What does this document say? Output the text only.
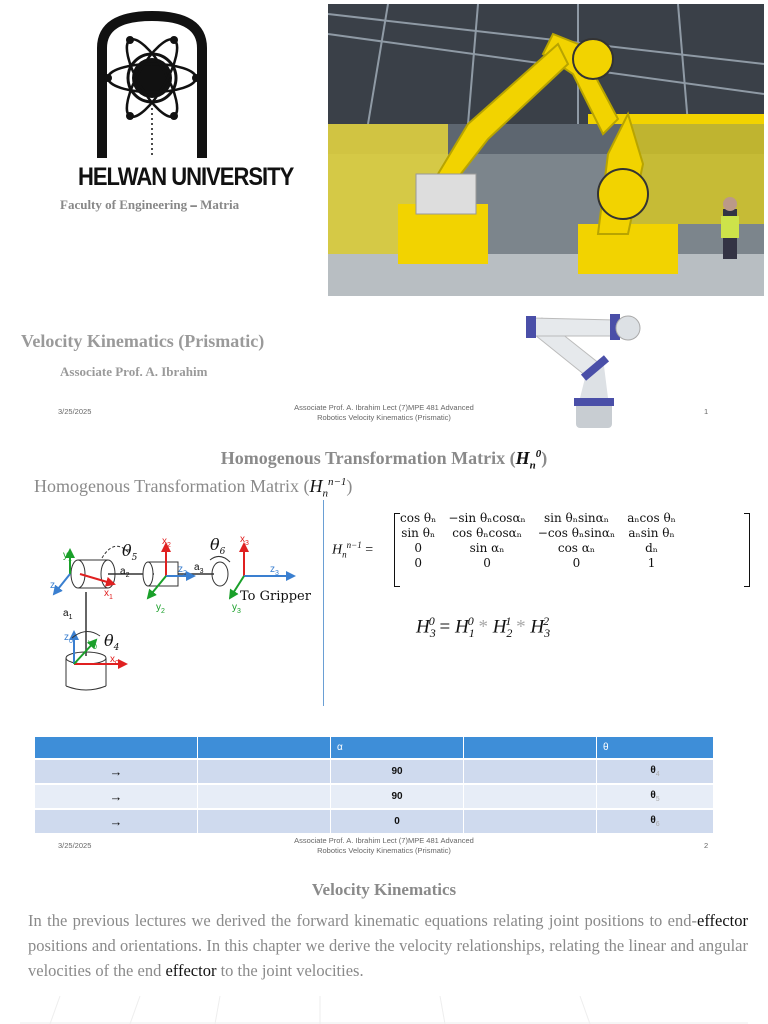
HELWAN UNIVERSITY
Faculty of Engineering – Matria
Velocity Kinematics (Prismatic)
Associate Prof. A. Ibrahim
3/25/2025	Associate Prof. A. Ibrahim Lect (7)MPE 481 Advanced
Robotics Velocity Kinematics (Prismatic)
1
Homogenous Transformation Matrix $(H_n^0)$
Homogenous Transformation Matrix $(H_n^{n-1})$
$y_1$
$z_1$	$x_1$
$a_2$
$\theta_5$
$x_2$
$z_2$
$y_2$
$a_3$
$\theta_6$
$x_3$
$z_3$
$y_3$
To Gripper
$a_1$
$z_0$ $y_0$ $\theta_4$
$x_0$
$H_n^{n-1}$ =
cos θₙ	−sin θₙcosαₙ	sin θₙsinαₙ	aₙcos θₙ
sin θₙ	cos θₙcosαₙ	−cos θₙsinαₙ	aₙsin θₙ
0	sin αₙ	cos αₙ	dₙ
0	0	0	1
$H_3^0 = H_1^0 * H_2^1 * H_3^2$
		α		θ
→		90		$\theta_4$
→		90		$\theta_5$
→		0		$\theta_6$
3/25/2025
Associate Prof. A. Ibrahim Lect (7)MPE 481 Advanced
Robotics Velocity Kinematics (Prismatic)
2
Velocity Kinematics
In the previous lectures we derived the forward kinematic equations relating joint positions to end-effector positions and orientations. In this chapter we derive the velocity relationships, relating the linear and angular velocities of the end effector to the joint velocities.
